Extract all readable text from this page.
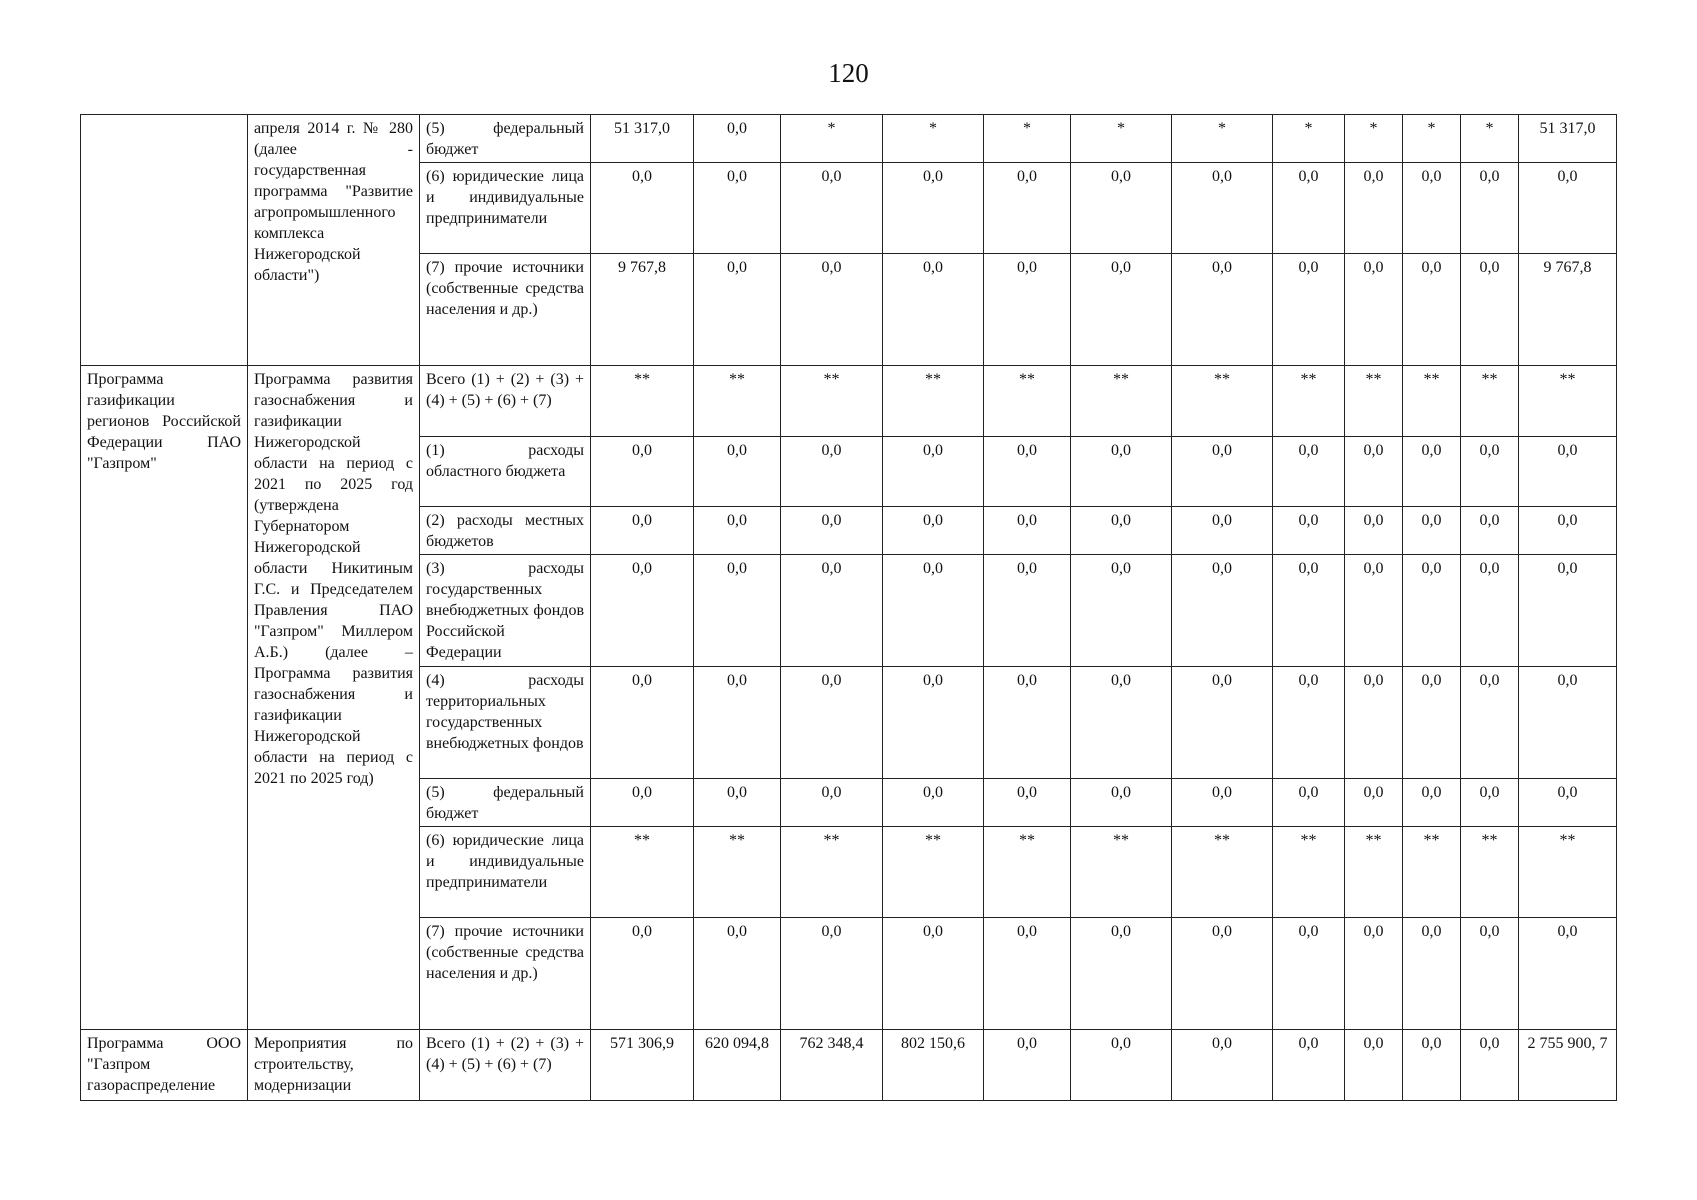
120
	апреля 2014 г. № 280 (далее - государственная программа "Развитие агропромышленного комплекса Нижегородской области")	(5) федеральный бюджет	51 317,0	0,0	*	*	*	*	*	*	*	*	*	51 317,0
		(6) юридические лица и индивидуальные предприниматели	0,0	0,0	0,0	0,0	0,0	0,0	0,0	0,0	0,0	0,0	0,0	0,0
		(7) прочие источники (собственные средства населения и др.)	9 767,8	0,0	0,0	0,0	0,0	0,0	0,0	0,0	0,0	0,0	0,0	9 767,8
Программа газификации регионов Российской Федерации ПАО "Газпром"	Программа развития газоснабжения и газификации Нижегородской области на период с 2021 по 2025 год (утверждена Губернатором Нижегородской области Никитиным Г.С. и Председателем Правления ПАО "Газпром" Миллером А.Б.) (далее – Программа развития газоснабжения и газификации Нижегородской области на период с 2021 по 2025 год)	Всего (1) + (2) + (3) + (4) + (5) + (6) + (7)	**	**	**	**	**	**	**	**	**	**	**	**
		(1) расходы областного бюджета	0,0	0,0	0,0	0,0	0,0	0,0	0,0	0,0	0,0	0,0	0,0	0,0
		(2) расходы местных бюджетов	0,0	0,0	0,0	0,0	0,0	0,0	0,0	0,0	0,0	0,0	0,0	0,0
		(3) расходы государственных внебюджетных фондов Российской Федерации	0,0	0,0	0,0	0,0	0,0	0,0	0,0	0,0	0,0	0,0	0,0	0,0
		(4) расходы территориальных государственных внебюджетных фондов	0,0	0,0	0,0	0,0	0,0	0,0	0,0	0,0	0,0	0,0	0,0	0,0
		(5) федеральный бюджет	0,0	0,0	0,0	0,0	0,0	0,0	0,0	0,0	0,0	0,0	0,0	0,0
		(6) юридические лица и индивидуальные предприниматели	**	**	**	**	**	**	**	**	**	**	**	**
		(7) прочие источники (собственные средства населения и др.)	0,0	0,0	0,0	0,0	0,0	0,0	0,0	0,0	0,0	0,0	0,0	0,0
Программа ООО "Газпром газораспределение	Мероприятия по строительству, модернизации	Всего (1) + (2) + (3) + (4) + (5) + (6) + (7)	571 306,9	620 094,8	762 348,4	802 150,6	0,0	0,0	0,0	0,0	0,0	0,0	0,0	2 755 900, 7
